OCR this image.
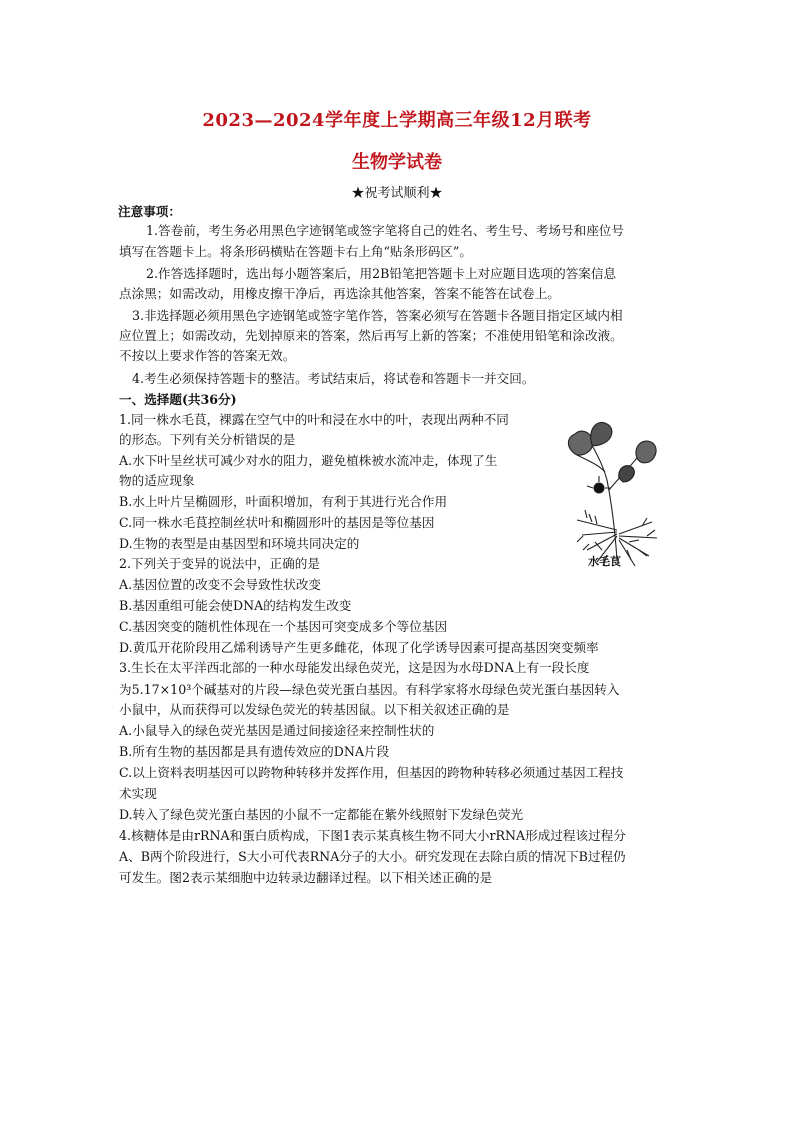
2023—2024学年度上学期高三年级12月联考
生物学试卷
★祝考试顺利★
注意事项：
1.答卷前，考生务必用黑色字迹钢笔或签字笔将自己的姓名、考生号、考场号和座位号
填写在答题卡上。将条形码横贴在答题卡右上角“贴条形码区”。
2.作答选择题时，选出每小题答案后，用2B铅笔把答题卡上对应题目选项的答案信息
点涂黑；如需改动，用橡皮擦干净后，再选涂其他答案，答案不能答在试卷上。
3.非选择题必须用黑色字迹钢笔或签字笔作答，答案必须写在答题卡各题目指定区域内相
应位置上；如需改动，先划掉原来的答案，然后再写上新的答案；不准使用铅笔和涂改液。
不按以上要求作答的答案无效。
4.考生必须保持答题卡的整洁。考试结束后，将试卷和答题卡一并交回。
一、选择题(共36分)
1.同一株水毛茛，裸露在空气中的叶和浸在水中的叶，表现出两种不同
的形态。下列有关分析错误的是
A.水下叶呈丝状可减少对水的阻力，避免植株被水流冲走，体现了生
物的适应现象
B.水上叶片呈椭圆形，叶面积增加，有利于其进行光合作用
C.同一株水毛茛控制丝状叶和椭圆形叶的基因是等位基因
D.生物的表型是由基因型和环境共同决定的
水毛茛
2.下列关于变异的说法中，正确的是
A.基因位置的改变不会导致性状改变
B.基因重组可能会使DNA的结构发生改变
C.基因突变的随机性体现在一个基因可突变成多个等位基因
D.黄瓜开花阶段用乙烯利诱导产生更多雌花，体现了化学诱导因素可提高基因突变频率
3.生长在太平洋西北部的一种水母能发出绿色荧光，这是因为水母DNA上有一段长度
为5.17×10³个碱基对的片段—绿色荧光蛋白基因。有科学家将水母绿色荧光蛋白基因转入
小鼠中，从而获得可以发绿色荧光的转基因鼠。以下相关叙述正确的是
A.小鼠导入的绿色荧光基因是通过间接途径来控制性状的
B.所有生物的基因都是具有遗传效应的DNA片段
C.以上资料表明基因可以跨物种转移并发挥作用，但基因的跨物种转移必须通过基因工程技
术实现
D.转入了绿色荧光蛋白基因的小鼠不一定都能在紫外线照射下发绿色荧光
4.核糖体是由rRNA和蛋白质构成，下图1表示某真核生物不同大小rRNA形成过程该过程分
A、B两个阶段进行，S大小可代表RNA分子的大小。研究发现在去除白质的情况下B过程仍
可发生。图2表示某细胞中边转录边翻译过程。以下相关述正确的是
